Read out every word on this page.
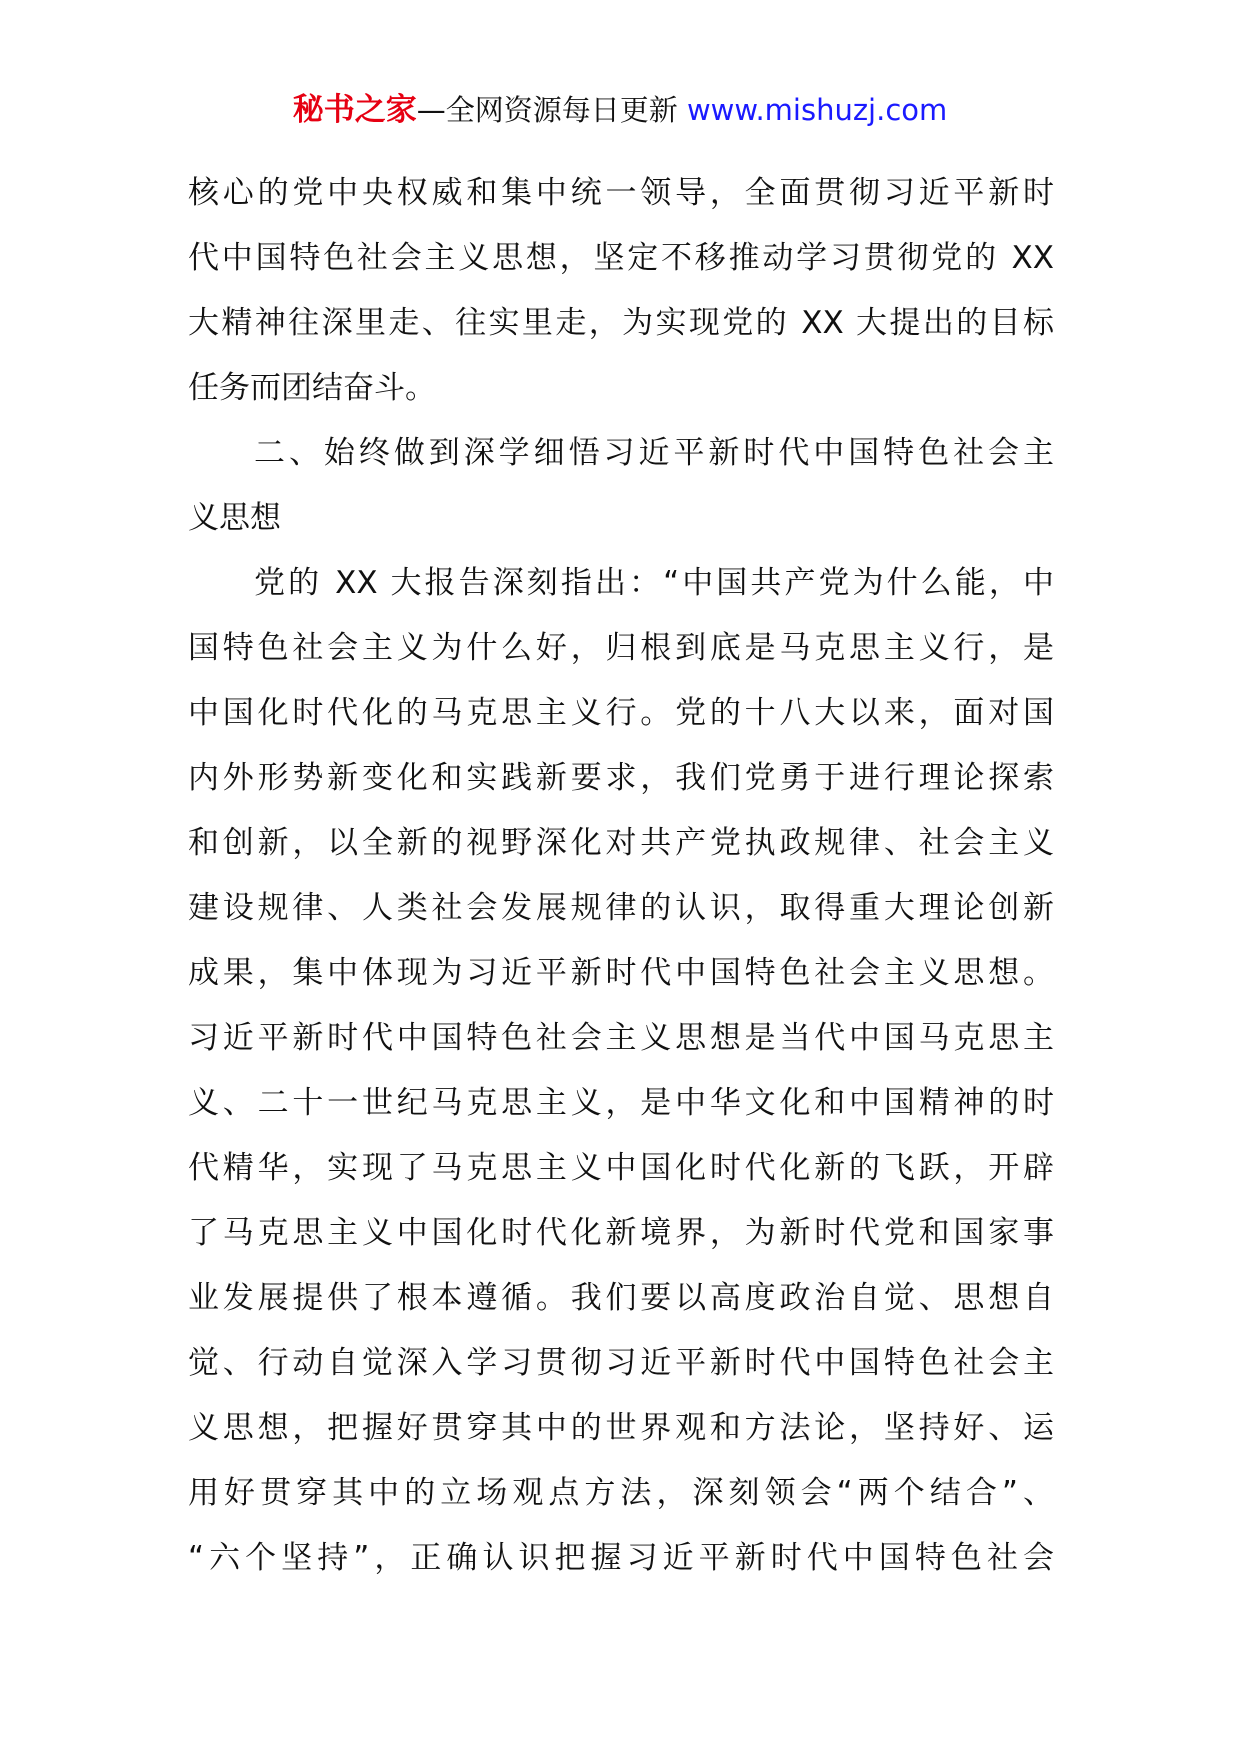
秘书之家—全网资源每日更新 www.mishuzj.com
核心的党中央权威和集中统一领导，全面贯彻习近平新时
代中国特色社会主义思想，坚定不移推动学习贯彻党的 XX
大精神往深里走、往实里走，为实现党的 XX 大提出的目标
任务而团结奋斗。
二、始终做到深学细悟习近平新时代中国特色社会主
义思想
党的 XX 大报告深刻指出：“中国共产党为什么能，中
国特色社会主义为什么好，归根到底是马克思主义行，是
中国化时代化的马克思主义行。党的十八大以来，面对国
内外形势新变化和实践新要求，我们党勇于进行理论探索
和创新，以全新的视野深化对共产党执政规律、社会主义
建设规律、人类社会发展规律的认识，取得重大理论创新
成果，集中体现为习近平新时代中国特色社会主义思想。
习近平新时代中国特色社会主义思想是当代中国马克思主
义、二十一世纪马克思主义，是中华文化和中国精神的时
代精华，实现了马克思主义中国化时代化新的飞跃，开辟
了马克思主义中国化时代化新境界，为新时代党和国家事
业发展提供了根本遵循。我们要以高度政治自觉、思想自
觉、行动自觉深入学习贯彻习近平新时代中国特色社会主
义思想，把握好贯穿其中的世界观和方法论，坚持好、运
用好贯穿其中的立场观点方法，深刻领会“两个结合”、
“六个坚持”，正确认识把握习近平新时代中国特色社会
